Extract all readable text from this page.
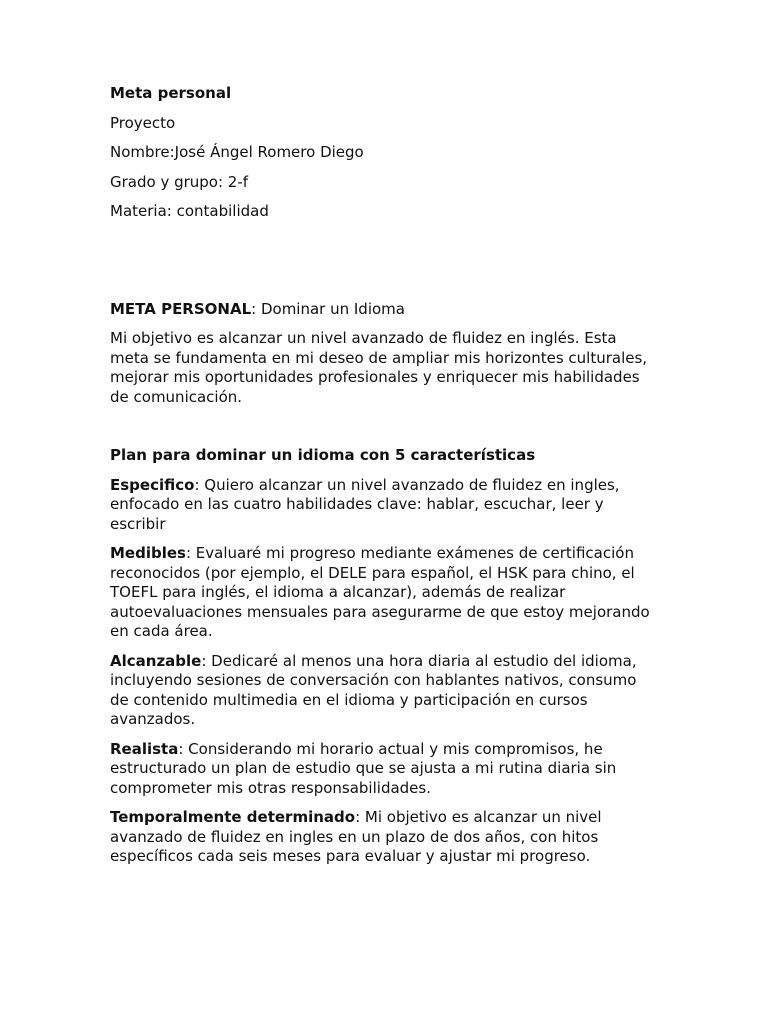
Meta personal

Proyecto

Nombre:José Ángel Romero Diego

Grado y grupo: 2-f

Materia: contabilidad

META PERSONAL: Dominar un Idioma

Mi objetivo es alcanzar un nivel avanzado de fluidez en inglés. Esta meta se fundamenta en mi deseo de ampliar mis horizontes culturales, mejorar mis oportunidades profesionales y enriquecer mis habilidades de comunicación.

Plan para dominar un idioma con 5 características

Especifico: Quiero alcanzar un nivel avanzado de fluidez en ingles, enfocado en las cuatro habilidades clave: hablar, escuchar, leer y escribir

Medibles: Evaluaré mi progreso mediante exámenes de certificación reconocidos (por ejemplo, el DELE para español, el HSK para chino, el TOEFL para inglés, el idioma a alcanzar), además de realizar autoevaluaciones mensuales para asegurarme de que estoy mejorando en cada área.

Alcanzable: Dedicaré al menos una hora diaria al estudio del idioma, incluyendo sesiones de conversación con hablantes nativos, consumo de contenido multimedia en el idioma y participación en cursos avanzados.

Realista: Considerando mi horario actual y mis compromisos, he estructurado un plan de estudio que se ajusta a mi rutina diaria sin comprometer mis otras responsabilidades.

Temporalmente determinado: Mi objetivo es alcanzar un nivel avanzado de fluidez en ingles en un plazo de dos años, con hitos específicos cada seis meses para evaluar y ajustar mi progreso.
